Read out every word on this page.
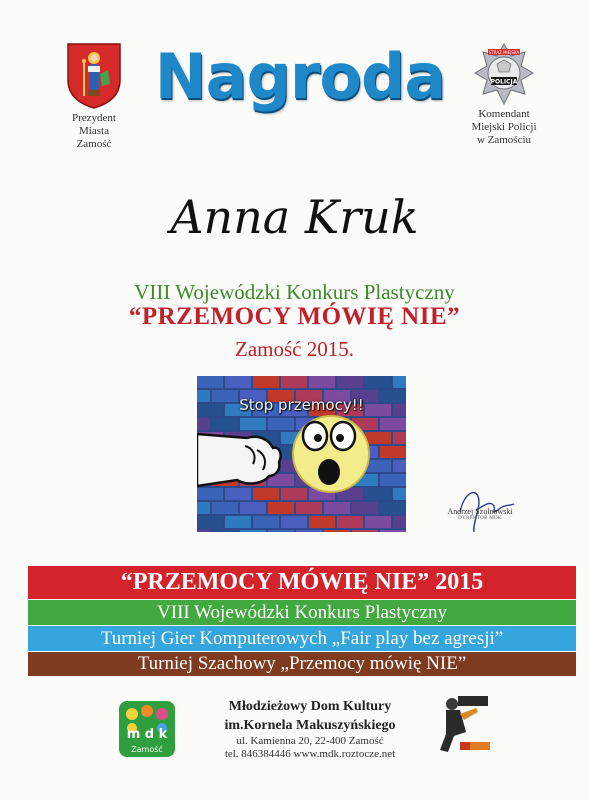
Prezydent
Miasta
Zamość
Nagroda	STRAŻ MIEJSKA
POLICJA
Komendant
Miejski Policji
w Zamościu
Anna Kruk
VIII Wojewódzki Konkurs Plastyczny
“PRZEMOCY MÓWIĘ NIE”
Zamość 2015.
Stop przemocy!!
Andrzej Szulnowski
DYREKTOR MDK
“PRZEMOCY MÓWIĘ NIE” 2015
VIII Wojewódzki Konkurs Plastyczny
Turniej Gier Komputerowych „Fair play bez agresji”
Turniej Szachowy „Przemocy mówię NIE”
m d k
Zamość
Młodzieżowy Dom Kultury
im.Kornela Makuszyńskiego
ul. Kamienna 20, 22-400 Zamość
tel. 846384446 www.mdk.roztocze.net
